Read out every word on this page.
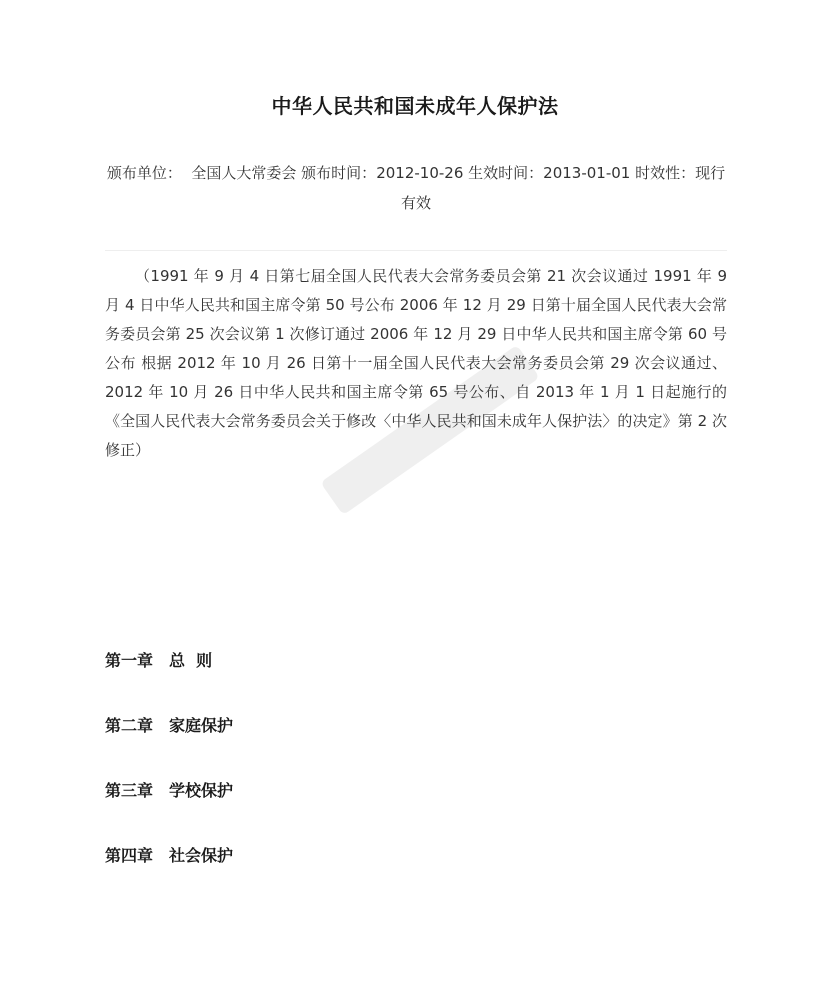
中华人民共和国未成年人保护法
颁布单位： 全国人大常委会 颁布时间：2012-10-26 生效时间：2013-01-01 时效性：现行有效
（1991 年 9 月 4 日第七届全国人民代表大会常务委员会第 21 次会议通过 1991 年 9 月 4 日中华人民共和国主席令第 50 号公布 2006 年 12 月 29 日第十届全国人民代表大会常务委员会第 25 次会议第 1 次修订通过 2006 年 12 月 29 日中华人民共和国主席令第 60 号公布 根据 2012 年 10 月 26 日第十一届全国人民代表大会常务委员会第 29 次会议通过、2012 年 10 月 26 日中华人民共和国主席令第 65 号公布、自 2013 年 1 月 1 日起施行的《全国人民代表大会常务委员会关于修改〈中华人民共和国未成年人保护法〉的决定》第 2 次修正）
第一章　总  则
第二章　家庭保护
第三章　学校保护
第四章　社会保护
